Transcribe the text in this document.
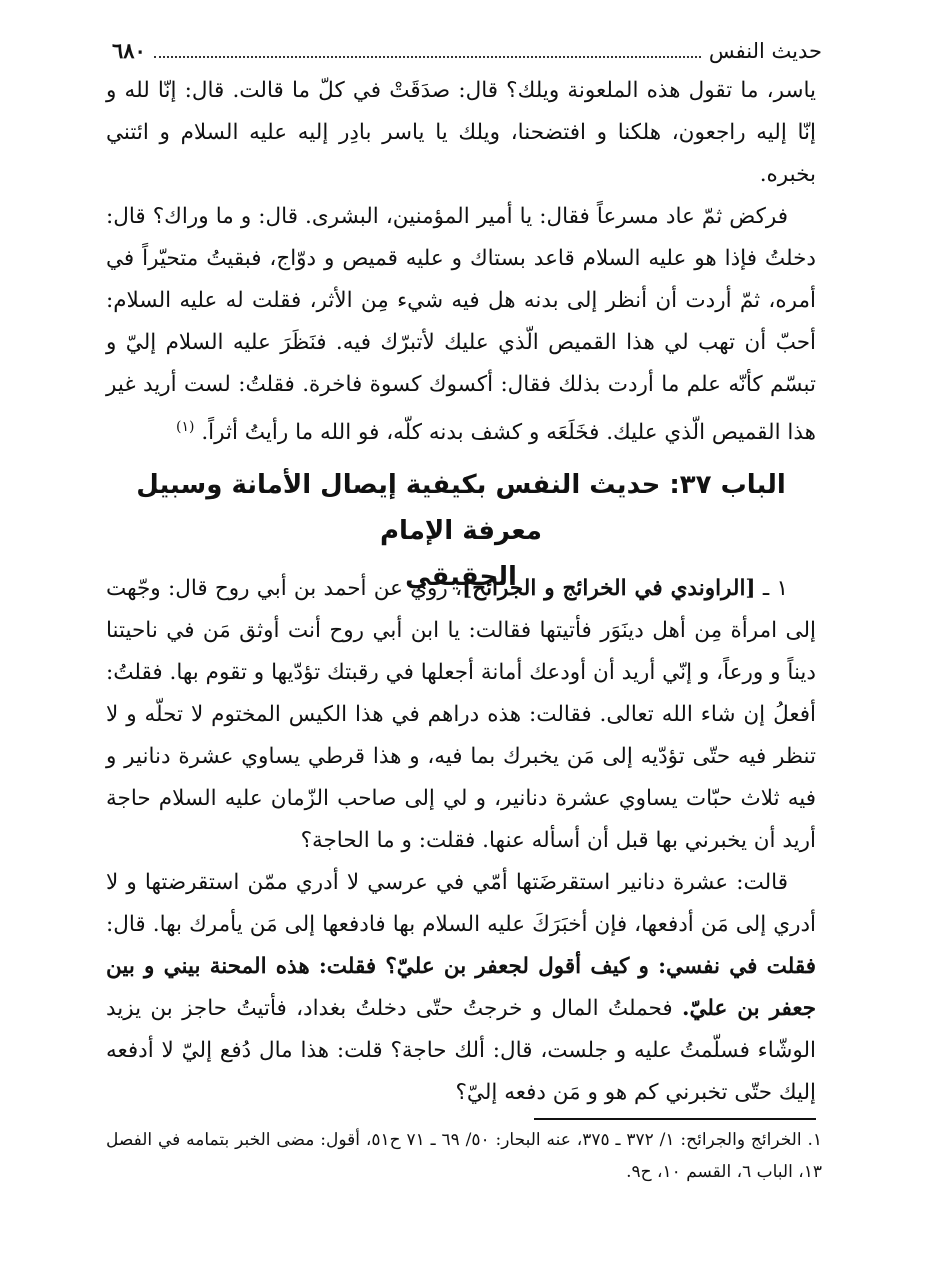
حديث النفس
٦٨٠

ياسر، ما تقول هذه الملعونة ويلك؟ قال: صدَقَتْ في كلّ ما قالت. قال: إنّا لله و إنّا إليه راجعون، هلكنا و افتضحنا، ويلك يا ياسر بادِر إليه عليه السلام و ائتني بخبره.

فركض ثمّ عاد مسرعاً فقال: يا أمير المؤمنين، البشرى. قال: و ما وراك؟ قال: دخلتُ فإذا هو عليه السلام قاعد بستاك و عليه قميص و دوّاج، فبقيتُ متحيّراً في أمره، ثمّ أردت أن أنظر إلى بدنه هل فيه شيء مِن الأثر، فقلت له عليه السلام: أحبّ أن تهب لي هذا القميص الّذي عليك لأتبرّك فيه. فنَظَرَ عليه السلام إليّ و تبسّم كأنّه علم ما أردت بذلك فقال: أكسوك كسوة فاخرة. فقلتُ: لست أريد غير هذا القميص الّذي عليك. فخَلَعَه و كشف بدنه كلّه، فو الله ما رأيتُ أثراً. $^{(١)}$

الباب ٣٧: حديث النفس بكيفية إيصال الأمانة وسبيل معرفة الإمام
الحقيقي	١ ـ [الراوندي في الخرائج و الجرائح]، روي عن أحمد بن أبي روح قال: وجّهت إلى امرأة مِن أهل دينَوَر فأتيتها فقالت: يا ابن أبي روح أنت أوثق مَن في ناحيتنا ديناً و ورعاً، و إنّي أريد أن أودعك أمانة أجعلها في رقبتك تؤدّيها و تقوم بها. فقلتُ: أفعلُ إن شاء الله تعالى. فقالت: هذه دراهم في هذا الكيس المختوم لا تحلّه و لا تنظر فيه حتّى تؤدّيه إلى مَن يخبرك بما فيه، و هذا قرطي يساوي عشرة دنانير و فيه ثلاث حبّات يساوي عشرة دنانير، و لي إلى صاحب الزّمان عليه السلام حاجة أريد أن يخبرني بها قبل أن أسأله عنها. فقلت: و ما الحاجة؟

قالت: عشرة دنانير استقرضَتها أمّي في عرسي لا أدري ممّن استقرضتها و لا أدري إلى مَن أدفعها، فإن أخبَرَكَ عليه السلام بها فادفعها إلى مَن يأمرك بها. قال: فقلت في نفسي: و كيف أقول لجعفر بن عليّ؟ فقلت: هذه المحنة بيني و بين جعفر بن عليّ. فحملتُ المال و خرجتُ حتّى دخلتُ بغداد، فأتيتُ حاجز بن يزيد الوشّاء فسلّمتُ عليه و جلست، قال: ألك حاجة؟ قلت: هذا مال دُفع إليّ لا أدفعه إليك حتّى تخبرني كم هو و مَن دفعه إليّ؟

١. الخرائج والجرائح: ١/ ٣٧٢ ـ ٣٧٥، عنه البحار: ٥٠/ ٦٩ ـ ٧١ ح٥١، أقول: مضى الخبر بتمامه في الفصل ١٣، الباب ٦، القسم ١٠، ح٩.
